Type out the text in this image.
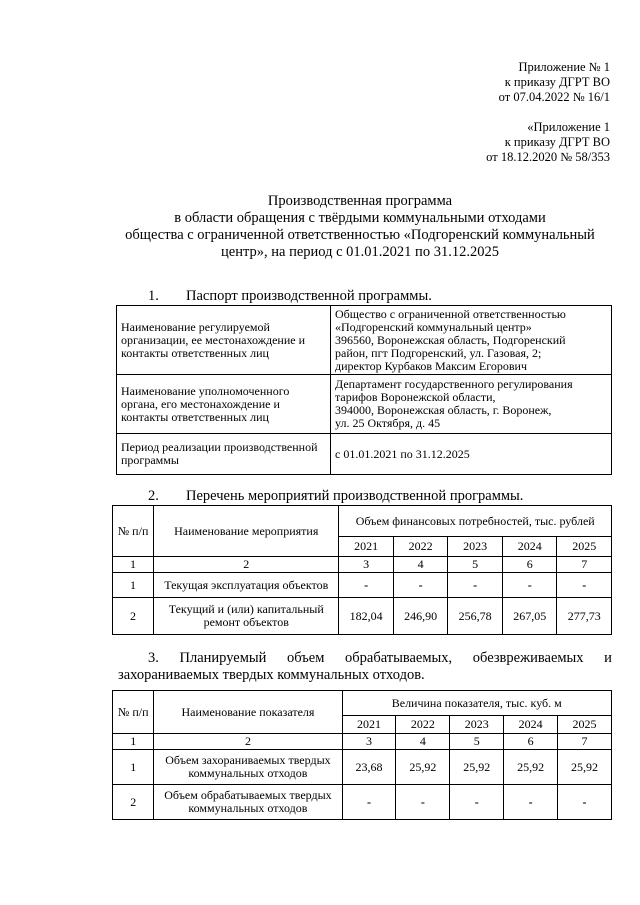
Приложение № 1
к приказу ДГРТ ВО
от 07.04.2022 № 16/1
«Приложение 1
к приказу ДГРТ ВО
от 18.12.2020 № 58/353
Производственная программа
в области обращения с твёрдыми коммунальными отходами
общества с ограниченной ответственностью «Подгоренский коммунальный
центр», на период с 01.01.2021 по 31.12.2025
1. Паспорт производственной программы.
Наименование регулируемой организации, ее местонахождение и контакты ответственных лиц	Общество с ограниченной ответственностью
«Подгоренский коммунальный центр»
396560, Воронежская область, Подгоренский
район, пгт Подгоренский, ул. Газовая, 2;
директор Курбаков Максим Егорович

Наименование уполномоченного органа, его местонахождение и контакты ответственных лиц	Департамент государственного регулирования
тарифов Воронежской области,
394000, Воронежская область, г. Воронеж,
ул. 25 Октября, д. 45

Период реализации производственной программы	с 01.01.2021 по 31.12.2025
2. Перечень мероприятий производственной программы.
№ п/п	Наименование мероприятия	Объем финансовых потребностей, тыс. рублей				
		2021	2022	2023	2024	2025
1	2	3	4	5	6	7
1	Текущая эксплуатация объектов	-	-	-	-	-
2	Текущий и (или) капитальный ремонт объектов	182,04	246,90	256,78	267,05	277,73
3. Планируемый объем обрабатываемых, обезвреживаемых и
захораниваемых твердых коммунальных отходов.
№ п/п	Наименование показателя	Величина показателя, тыс. куб. м				
		2021	2022	2023	2024	2025
1	2	3	4	5	6	7
1	Объем захораниваемых твердых коммунальных отходов	23,68	25,92	25,92	25,92	25,92
2	Объем обрабатываемых твердых коммунальных отходов	-	-	-	-	-
